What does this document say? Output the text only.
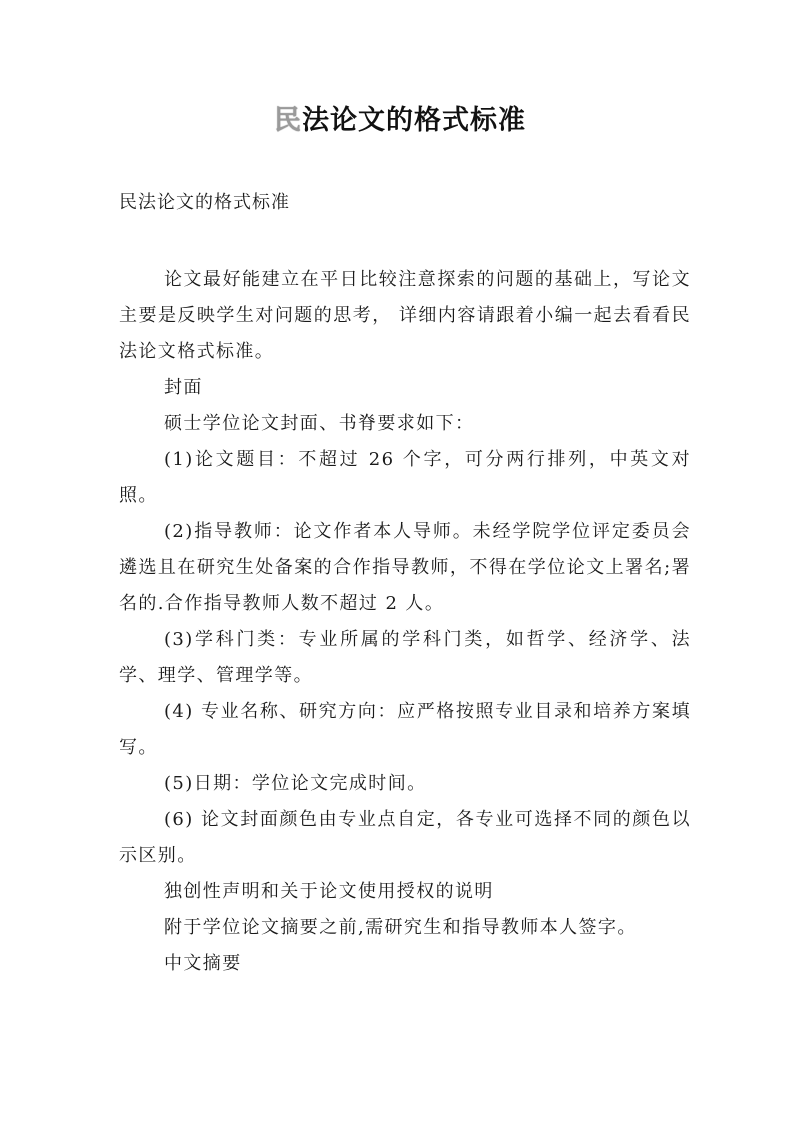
民法论文的格式标准

民法论文的格式标准

论文最好能建立在平日比较注意探索的问题的基础上，写论文主要是反映学生对问题的思考， 详细内容请跟着小编一起去看看民法论文格式标准。

封面

硕士学位论文封面、书脊要求如下：

(1)论文题目：不超过 26 个字，可分两行排列，中英文对照。

(2)指导教师：论文作者本人导师。未经学院学位评定委员会遴选且在研究生处备案的合作指导教师，不得在学位论文上署名;署名的.合作指导教师人数不超过 2 人。

(3)学科门类：专业所属的学科门类，如哲学、经济学、法学、理学、管理学等。

(4) 专业名称、研究方向：应严格按照专业目录和培养方案填写。

(5)日期：学位论文完成时间。

(6) 论文封面颜色由专业点自定，各专业可选择不同的颜色以示区别。

独创性声明和关于论文使用授权的说明

附于学位论文摘要之前,需研究生和指导教师本人签字。

中文摘要
